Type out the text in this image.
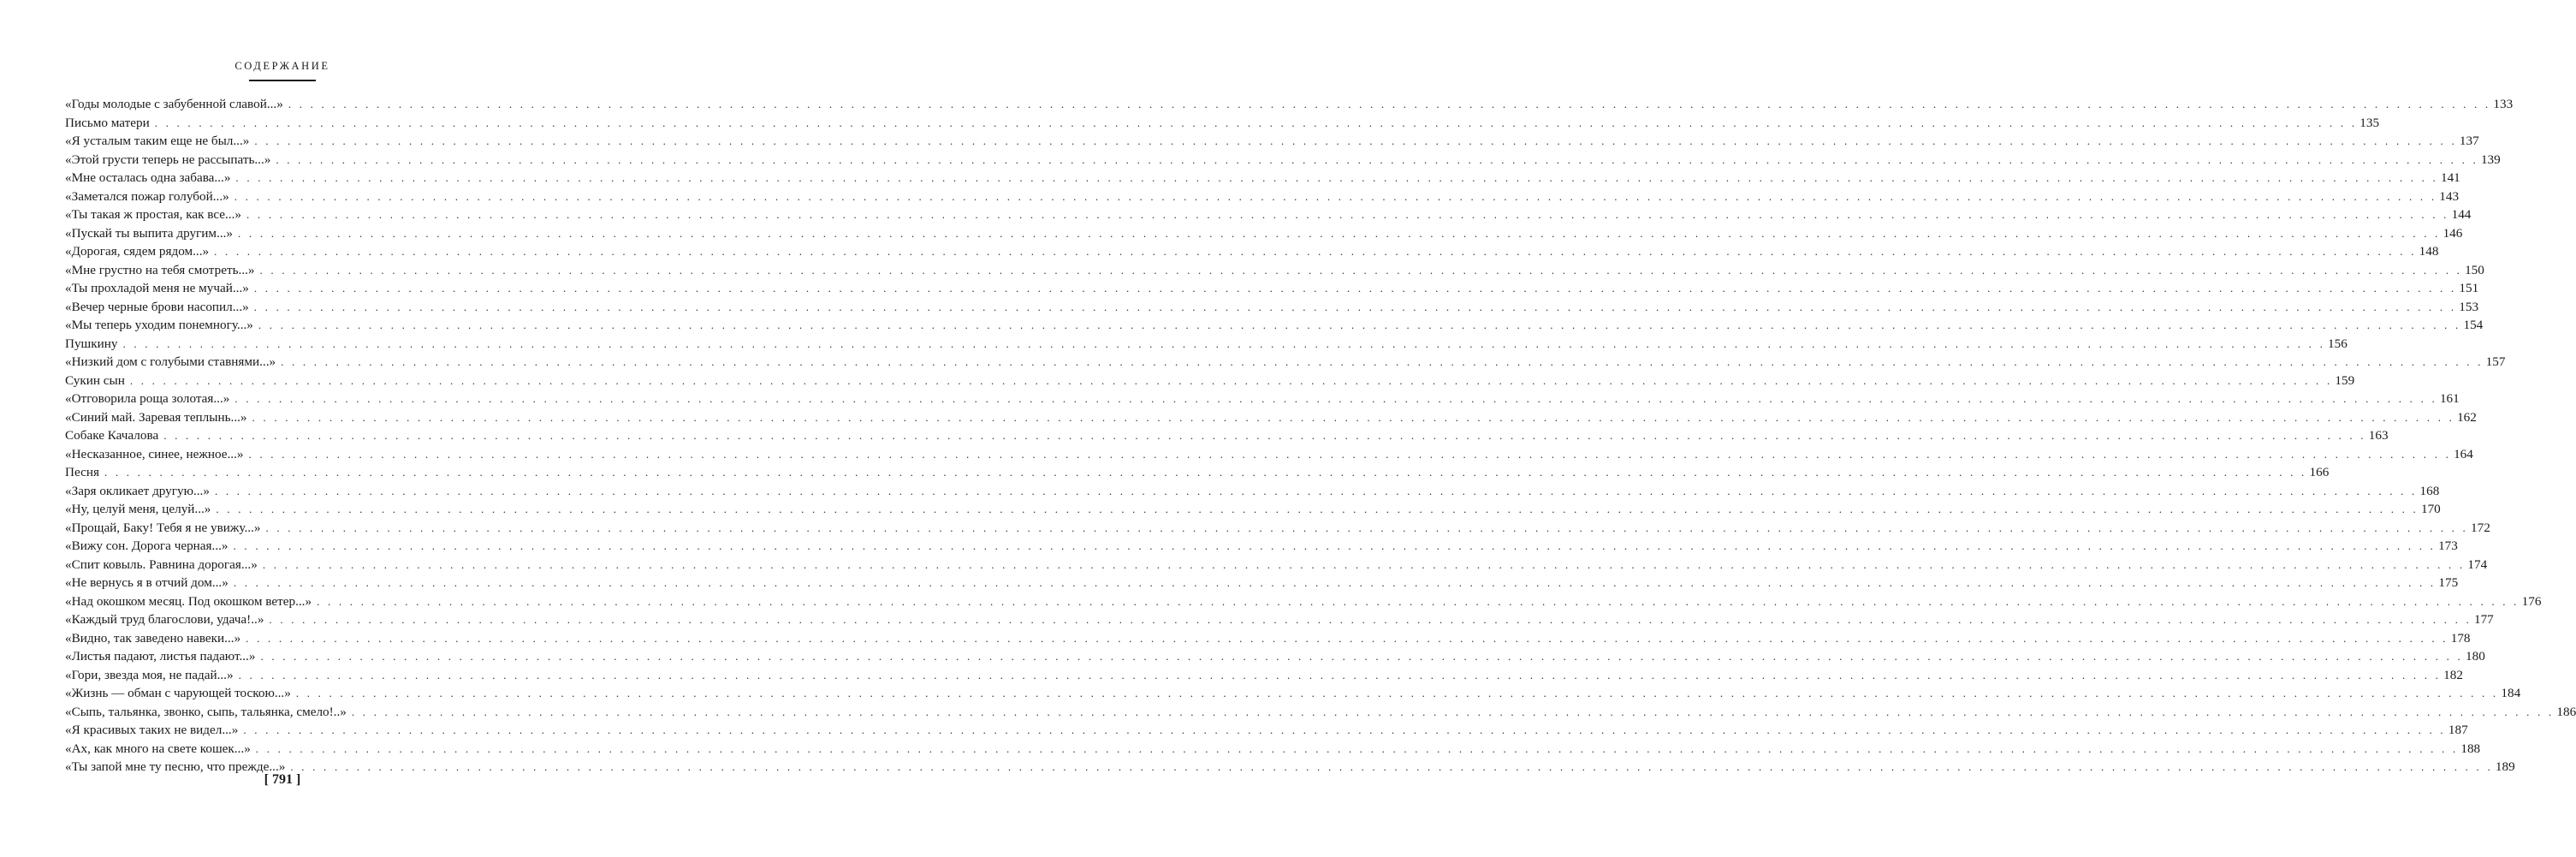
СОДЕРЖАНИЕ
«Годы молодые с забубенной славой...» . . . . . . . . . . . . . . . . . . . . . . . . . . . . . . . . . . . . . . . . . . . . . . . . . . . . . . . . . . . . . . . . . . . . . . . . . . . . . . . . . . . . . . . . . . . . . . . . . . . . . . . . . . . . . . . . . . . . . . . . . . . . . . . . . . . . . . . . . . . . . . . . . . . . . . . . . . . . . . . . . . . . . . . . . . . . . . . . . . . . . . . . . . . . . . . . . . . . . . . . 133
Письмо матери . . . . . . . . . . . . . . . . . . . . . . . . . . . . . . . . . . . . . . . . . . . . . . . . . . . . . . . . . . . . . . . . . . . . . . . . . . . . . . . . . . . . . . . . . . . . . . . . . . . . . . . . . . . . . . . . . . . . . . . . . . . . . . . . . . . . . . . . . . . . . . . . . . . . . . . . . . . . . . . . . . . . . . . . . . . . . . . . . . . . . . . . . . . . . . . . . . . . . . . . 135
«Я усталым таким еще не был...» . . . . . . . . . . . . . . . . . . . . . . . . . . . . . . . . . . . . . . . . . . . . . . . . . . . . . . . . . . . . . . . . . . . . . . . . . . . . . . . . . . . . . . . . . . . . . . . . . . . . . . . . . . . . . . . . . . . . . . . . . . . . . . . . . . . . . . . . . . . . . . . . . . . . . . . . . . . . . . . . . . . . . . . . . . . . . . . . . . . . . . . . . . . . . . . . . . . . . . . . 137
«Этой грусти теперь не рассыпать...» . . . . . . . . . . . . . . . . . . . . . . . . . . . . . . . . . . . . . . . . . . . . . . . . . . . . . . . . . . . . . . . . . . . . . . . . . . . . . . . . . . . . . . . . . . . . . . . . . . . . . . . . . . . . . . . . . . . . . . . . . . . . . . . . . . . . . . . . . . . . . . . . . . . . . . . . . . . . . . . . . . . . . . . . . . . . . . . . . . . . . . . . . . . . . . . . . . . . . . . . 139
«Мне осталась одна забава...» . . . . . . . . . . . . . . . . . . . . . . . . . . . . . . . . . . . . . . . . . . . . . . . . . . . . . . . . . . . . . . . . . . . . . . . . . . . . . . . . . . . . . . . . . . . . . . . . . . . . . . . . . . . . . . . . . . . . . . . . . . . . . . . . . . . . . . . . . . . . . . . . . . . . . . . . . . . . . . . . . . . . . . . . . . . . . . . . . . . . . . . . . . . . . . . . . . . . . . . . 141
«Заметался пожар голубой...» . . . . . . . . . . . . . . . . . . . . . . . . . . . . . . . . . . . . . . . . . . . . . . . . . . . . . . . . . . . . . . . . . . . . . . . . . . . . . . . . . . . . . . . . . . . . . . . . . . . . . . . . . . . . . . . . . . . . . . . . . . . . . . . . . . . . . . . . . . . . . . . . . . . . . . . . . . . . . . . . . . . . . . . . . . . . . . . . . . . . . . . . . . . . . . . . . . . . . . . . 143
«Ты такая ж простая, как все...» . . . . . . . . . . . . . . . . . . . . . . . . . . . . . . . . . . . . . . . . . . . . . . . . . . . . . . . . . . . . . . . . . . . . . . . . . . . . . . . . . . . . . . . . . . . . . . . . . . . . . . . . . . . . . . . . . . . . . . . . . . . . . . . . . . . . . . . . . . . . . . . . . . . . . . . . . . . . . . . . . . . . . . . . . . . . . . . . . . . . . . . . . . . . . . . . . . . . . . . . 144
«Пускай ты выпита другим...» . . . . . . . . . . . . . . . . . . . . . . . . . . . . . . . . . . . . . . . . . . . . . . . . . . . . . . . . . . . . . . . . . . . . . . . . . . . . . . . . . . . . . . . . . . . . . . . . . . . . . . . . . . . . . . . . . . . . . . . . . . . . . . . . . . . . . . . . . . . . . . . . . . . . . . . . . . . . . . . . . . . . . . . . . . . . . . . . . . . . . . . . . . . . . . . . . . . . . . . . 146
«Дорогая, сядем рядом...» . . . . . . . . . . . . . . . . . . . . . . . . . . . . . . . . . . . . . . . . . . . . . . . . . . . . . . . . . . . . . . . . . . . . . . . . . . . . . . . . . . . . . . . . . . . . . . . . . . . . . . . . . . . . . . . . . . . . . . . . . . . . . . . . . . . . . . . . . . . . . . . . . . . . . . . . . . . . . . . . . . . . . . . . . . . . . . . . . . . . . . . . . . . . . . . . . . . . . . . . 148
«Мне грустно на тебя смотреть...» . . . . . . . . . . . . . . . . . . . . . . . . . . . . . . . . . . . . . . . . . . . . . . . . . . . . . . . . . . . . . . . . . . . . . . . . . . . . . . . . . . . . . . . . . . . . . . . . . . . . . . . . . . . . . . . . . . . . . . . . . . . . . . . . . . . . . . . . . . . . . . . . . . . . . . . . . . . . . . . . . . . . . . . . . . . . . . . . . . . . . . . . . . . . . . . . . . . . . . . . 150
«Ты прохладой меня не мучай...» . . . . . . . . . . . . . . . . . . . . . . . . . . . . . . . . . . . . . . . . . . . . . . . . . . . . . . . . . . . . . . . . . . . . . . . . . . . . . . . . . . . . . . . . . . . . . . . . . . . . . . . . . . . . . . . . . . . . . . . . . . . . . . . . . . . . . . . . . . . . . . . . . . . . . . . . . . . . . . . . . . . . . . . . . . . . . . . . . . . . . . . . . . . . . . . . . . . . . . . . 151
«Вечер черные брови насопил...» . . . . . . . . . . . . . . . . . . . . . . . . . . . . . . . . . . . . . . . . . . . . . . . . . . . . . . . . . . . . . . . . . . . . . . . . . . . . . . . . . . . . . . . . . . . . . . . . . . . . . . . . . . . . . . . . . . . . . . . . . . . . . . . . . . . . . . . . . . . . . . . . . . . . . . . . . . . . . . . . . . . . . . . . . . . . . . . . . . . . . . . . . . . . . . . . . . . . . . . . 153
«Мы теперь уходим понемногу...» . . . . . . . . . . . . . . . . . . . . . . . . . . . . . . . . . . . . . . . . . . . . . . . . . . . . . . . . . . . . . . . . . . . . . . . . . . . . . . . . . . . . . . . . . . . . . . . . . . . . . . . . . . . . . . . . . . . . . . . . . . . . . . . . . . . . . . . . . . . . . . . . . . . . . . . . . . . . . . . . . . . . . . . . . . . . . . . . . . . . . . . . . . . . . . . . . . . . . . . . 154
Пушкину . . . . . . . . . . . . . . . . . . . . . . . . . . . . . . . . . . . . . . . . . . . . . . . . . . . . . . . . . . . . . . . . . . . . . . . . . . . . . . . . . . . . . . . . . . . . . . . . . . . . . . . . . . . . . . . . . . . . . . . . . . . . . . . . . . . . . . . . . . . . . . . . . . . . . . . . . . . . . . . . . . . . . . . . . . . . . . . . . . . . . . . . . . . . . . . . . . . . . . . . 156
«Низкий дом с голубыми ставнями...» . . . . . . . . . . . . . . . . . . . . . . . . . . . . . . . . . . . . . . . . . . . . . . . . . . . . . . . . . . . . . . . . . . . . . . . . . . . . . . . . . . . . . . . . . . . . . . . . . . . . . . . . . . . . . . . . . . . . . . . . . . . . . . . . . . . . . . . . . . . . . . . . . . . . . . . . . . . . . . . . . . . . . . . . . . . . . . . . . . . . . . . . . . . . . . . . . . . . . . . . 157
Сукин сын . . . . . . . . . . . . . . . . . . . . . . . . . . . . . . . . . . . . . . . . . . . . . . . . . . . . . . . . . . . . . . . . . . . . . . . . . . . . . . . . . . . . . . . . . . . . . . . . . . . . . . . . . . . . . . . . . . . . . . . . . . . . . . . . . . . . . . . . . . . . . . . . . . . . . . . . . . . . . . . . . . . . . . . . . . . . . . . . . . . . . . . . . . . . . . . . . . . . . . . . 159
«Отговорила роща золотая...» . . . . . . . . . . . . . . . . . . . . . . . . . . . . . . . . . . . . . . . . . . . . . . . . . . . . . . . . . . . . . . . . . . . . . . . . . . . . . . . . . . . . . . . . . . . . . . . . . . . . . . . . . . . . . . . . . . . . . . . . . . . . . . . . . . . . . . . . . . . . . . . . . . . . . . . . . . . . . . . . . . . . . . . . . . . . . . . . . . . . . . . . . . . . . . . . . . . . . . . . 161
«Синий май. Заревая теплынь...» . . . . . . . . . . . . . . . . . . . . . . . . . . . . . . . . . . . . . . . . . . . . . . . . . . . . . . . . . . . . . . . . . . . . . . . . . . . . . . . . . . . . . . . . . . . . . . . . . . . . . . . . . . . . . . . . . . . . . . . . . . . . . . . . . . . . . . . . . . . . . . . . . . . . . . . . . . . . . . . . . . . . . . . . . . . . . . . . . . . . . . . . . . . . . . . . . . . . . . . . 162
Собаке Качалова . . . . . . . . . . . . . . . . . . . . . . . . . . . . . . . . . . . . . . . . . . . . . . . . . . . . . . . . . . . . . . . . . . . . . . . . . . . . . . . . . . . . . . . . . . . . . . . . . . . . . . . . . . . . . . . . . . . . . . . . . . . . . . . . . . . . . . . . . . . . . . . . . . . . . . . . . . . . . . . . . . . . . . . . . . . . . . . . . . . . . . . . . . . . . . . . . . . . . . . . 163
«Несказанное, синее, нежное...» . . . . . . . . . . . . . . . . . . . . . . . . . . . . . . . . . . . . . . . . . . . . . . . . . . . . . . . . . . . . . . . . . . . . . . . . . . . . . . . . . . . . . . . . . . . . . . . . . . . . . . . . . . . . . . . . . . . . . . . . . . . . . . . . . . . . . . . . . . . . . . . . . . . . . . . . . . . . . . . . . . . . . . . . . . . . . . . . . . . . . . . . . . . . . . . . . . . . . . . . 164
Песня . . . . . . . . . . . . . . . . . . . . . . . . . . . . . . . . . . . . . . . . . . . . . . . . . . . . . . . . . . . . . . . . . . . . . . . . . . . . . . . . . . . . . . . . . . . . . . . . . . . . . . . . . . . . . . . . . . . . . . . . . . . . . . . . . . . . . . . . . . . . . . . . . . . . . . . . . . . . . . . . . . . . . . . . . . . . . . . . . . . . . . . . . . . . . . . . . . . . . . . . 166
«Заря окликает другую...» . . . . . . . . . . . . . . . . . . . . . . . . . . . . . . . . . . . . . . . . . . . . . . . . . . . . . . . . . . . . . . . . . . . . . . . . . . . . . . . . . . . . . . . . . . . . . . . . . . . . . . . . . . . . . . . . . . . . . . . . . . . . . . . . . . . . . . . . . . . . . . . . . . . . . . . . . . . . . . . . . . . . . . . . . . . . . . . . . . . . . . . . . . . . . . . . . . . . . . . . 168
«Ну, целуй меня, целуй...» . . . . . . . . . . . . . . . . . . . . . . . . . . . . . . . . . . . . . . . . . . . . . . . . . . . . . . . . . . . . . . . . . . . . . . . . . . . . . . . . . . . . . . . . . . . . . . . . . . . . . . . . . . . . . . . . . . . . . . . . . . . . . . . . . . . . . . . . . . . . . . . . . . . . . . . . . . . . . . . . . . . . . . . . . . . . . . . . . . . . . . . . . . . . . . . . . . . . . . . . 170
«Прощай, Баку! Тебя я не увижу...» . . . . . . . . . . . . . . . . . . . . . . . . . . . . . . . . . . . . . . . . . . . . . . . . . . . . . . . . . . . . . . . . . . . . . . . . . . . . . . . . . . . . . . . . . . . . . . . . . . . . . . . . . . . . . . . . . . . . . . . . . . . . . . . . . . . . . . . . . . . . . . . . . . . . . . . . . . . . . . . . . . . . . . . . . . . . . . . . . . . . . . . . . . . . . . . . . . . . . . . . 172
«Вижу сон. Дорога черная...» . . . . . . . . . . . . . . . . . . . . . . . . . . . . . . . . . . . . . . . . . . . . . . . . . . . . . . . . . . . . . . . . . . . . . . . . . . . . . . . . . . . . . . . . . . . . . . . . . . . . . . . . . . . . . . . . . . . . . . . . . . . . . . . . . . . . . . . . . . . . . . . . . . . . . . . . . . . . . . . . . . . . . . . . . . . . . . . . . . . . . . . . . . . . . . . . . . . . . . . . 173
«Спит ковыль. Равнина дорогая...» . . . . . . . . . . . . . . . . . . . . . . . . . . . . . . . . . . . . . . . . . . . . . . . . . . . . . . . . . . . . . . . . . . . . . . . . . . . . . . . . . . . . . . . . . . . . . . . . . . . . . . . . . . . . . . . . . . . . . . . . . . . . . . . . . . . . . . . . . . . . . . . . . . . . . . . . . . . . . . . . . . . . . . . . . . . . . . . . . . . . . . . . . . . . . . . . . . . . . . . . 174
«Не вернусь я в отчий дом...» . . . . . . . . . . . . . . . . . . . . . . . . . . . . . . . . . . . . . . . . . . . . . . . . . . . . . . . . . . . . . . . . . . . . . . . . . . . . . . . . . . . . . . . . . . . . . . . . . . . . . . . . . . . . . . . . . . . . . . . . . . . . . . . . . . . . . . . . . . . . . . . . . . . . . . . . . . . . . . . . . . . . . . . . . . . . . . . . . . . . . . . . . . . . . . . . . . . . . . . . 175
«Над окошком месяц. Под окошком ветер...» . . . . . . . . . . . . . . . . . . . . . . . . . . . . . . . . . . . . . . . . . . . . . . . . . . . . . . . . . . . . . . . . . . . . . . . . . . . . . . . . . . . . . . . . . . . . . . . . . . . . . . . . . . . . . . . . . . . . . . . . . . . . . . . . . . . . . . . . . . . . . . . . . . . . . . . . . . . . . . . . . . . . . . . . . . . . . . . . . . . . . . . . . . . . . . . . . . . . . . . . 176
«Каждый труд благослови, удача!..» . . . . . . . . . . . . . . . . . . . . . . . . . . . . . . . . . . . . . . . . . . . . . . . . . . . . . . . . . . . . . . . . . . . . . . . . . . . . . . . . . . . . . . . . . . . . . . . . . . . . . . . . . . . . . . . . . . . . . . . . . . . . . . . . . . . . . . . . . . . . . . . . . . . . . . . . . . . . . . . . . . . . . . . . . . . . . . . . . . . . . . . . . . . . . . . . . . . . . . . . 177
«Видно, так заведено навеки...» . . . . . . . . . . . . . . . . . . . . . . . . . . . . . . . . . . . . . . . . . . . . . . . . . . . . . . . . . . . . . . . . . . . . . . . . . . . . . . . . . . . . . . . . . . . . . . . . . . . . . . . . . . . . . . . . . . . . . . . . . . . . . . . . . . . . . . . . . . . . . . . . . . . . . . . . . . . . . . . . . . . . . . . . . . . . . . . . . . . . . . . . . . . . . . . . . . . . . . . . 178
«Листья падают, листья падают...» . . . . . . . . . . . . . . . . . . . . . . . . . . . . . . . . . . . . . . . . . . . . . . . . . . . . . . . . . . . . . . . . . . . . . . . . . . . . . . . . . . . . . . . . . . . . . . . . . . . . . . . . . . . . . . . . . . . . . . . . . . . . . . . . . . . . . . . . . . . . . . . . . . . . . . . . . . . . . . . . . . . . . . . . . . . . . . . . . . . . . . . . . . . . . . . . . . . . . . . . 180
«Гори, звезда моя, не падай...» . . . . . . . . . . . . . . . . . . . . . . . . . . . . . . . . . . . . . . . . . . . . . . . . . . . . . . . . . . . . . . . . . . . . . . . . . . . . . . . . . . . . . . . . . . . . . . . . . . . . . . . . . . . . . . . . . . . . . . . . . . . . . . . . . . . . . . . . . . . . . . . . . . . . . . . . . . . . . . . . . . . . . . . . . . . . . . . . . . . . . . . . . . . . . . . . . . . . . . . . 182
«Жизнь — обман с чарующей тоскою...» . . . . . . . . . . . . . . . . . . . . . . . . . . . . . . . . . . . . . . . . . . . . . . . . . . . . . . . . . . . . . . . . . . . . . . . . . . . . . . . . . . . . . . . . . . . . . . . . . . . . . . . . . . . . . . . . . . . . . . . . . . . . . . . . . . . . . . . . . . . . . . . . . . . . . . . . . . . . . . . . . . . . . . . . . . . . . . . . . . . . . . . . . . . . . . . . . . . . . . . . 184
«Сыпь, тальянка, звонко, сыпь, тальянка, смело!..» . . . . . . . . . . . . . . . . . . . . . . . . . . . . . . . . . . . . . . . . . . . . . . . . . . . . . . . . . . . . . . . . . . . . . . . . . . . . . . . . . . . . . . . . . . . . . . . . . . . . . . . . . . . . . . . . . . . . . . . . . . . . . . . . . . . . . . . . . . . . . . . . . . . . . . . . . . . . . . . . . . . . . . . . . . . . . . . . . . . . . . . . . . . . . . . . . . . . . . . . 186
«Я красивых таких не видел...» . . . . . . . . . . . . . . . . . . . . . . . . . . . . . . . . . . . . . . . . . . . . . . . . . . . . . . . . . . . . . . . . . . . . . . . . . . . . . . . . . . . . . . . . . . . . . . . . . . . . . . . . . . . . . . . . . . . . . . . . . . . . . . . . . . . . . . . . . . . . . . . . . . . . . . . . . . . . . . . . . . . . . . . . . . . . . . . . . . . . . . . . . . . . . . . . . . . . . . . . 187
«Ах, как много на свете кошек...» . . . . . . . . . . . . . . . . . . . . . . . . . . . . . . . . . . . . . . . . . . . . . . . . . . . . . . . . . . . . . . . . . . . . . . . . . . . . . . . . . . . . . . . . . . . . . . . . . . . . . . . . . . . . . . . . . . . . . . . . . . . . . . . . . . . . . . . . . . . . . . . . . . . . . . . . . . . . . . . . . . . . . . . . . . . . . . . . . . . . . . . . . . . . . . . . . . . . . . . . 188
«Ты запой мне ту песню, что прежде...» . . . . . . . . . . . . . . . . . . . . . . . . . . . . . . . . . . . . . . . . . . . . . . . . . . . . . . . . . . . . . . . . . . . . . . . . . . . . . . . . . . . . . . . . . . . . . . . . . . . . . . . . . . . . . . . . . . . . . . . . . . . . . . . . . . . . . . . . . . . . . . . . . . . . . . . . . . . . . . . . . . . . . . . . . . . . . . . . . . . . . . . . . . . . . . . . . . . . . . . . 189
[ 791 ]
